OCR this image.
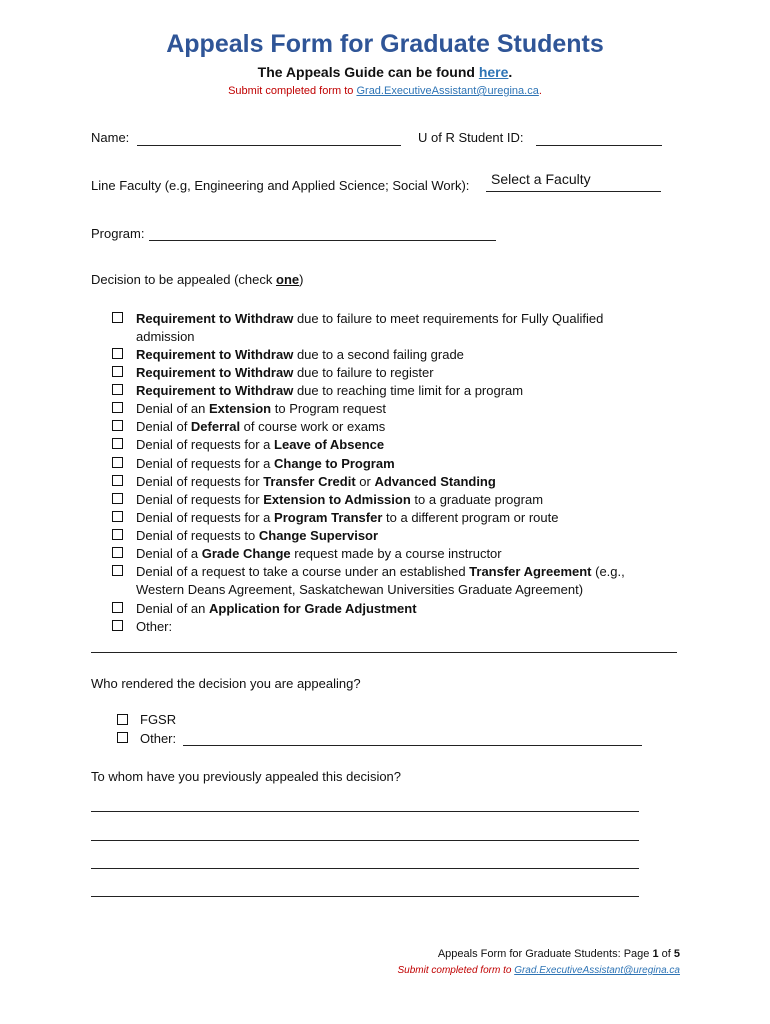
Appeals Form for Graduate Students
The Appeals Guide can be found here.
Submit completed form to Grad.ExecutiveAssistant@uregina.ca.
Name:	U of R Student ID:
Line Faculty (e.g, Engineering and Applied Science; Social Work): Select a Faculty
Program:
Decision to be appealed (check one)
Requirement to Withdraw due to failure to meet requirements for Fully Qualified admission
Requirement to Withdraw due to a second failing grade
Requirement to Withdraw due to failure to register
Requirement to Withdraw due to reaching time limit for a program
Denial of an Extension to Program request
Denial of Deferral of course work or exams
Denial of requests for a Leave of Absence
Denial of requests for a Change to Program
Denial of requests for Transfer Credit or Advanced Standing
Denial of requests for Extension to Admission to a graduate program
Denial of requests for a Program Transfer to a different program or route
Denial of requests to Change Supervisor
Denial of a Grade Change request made by a course instructor
Denial of a request to take a course under an established Transfer Agreement (e.g., Western Deans Agreement, Saskatchewan Universities Graduate Agreement)
Denial of an Application for Grade Adjustment
Other:
Who rendered the decision you are appealing?
FGSR
Other:
To whom have you previously appealed this decision?
Appeals Form for Graduate Students: Page 1 of 5
Submit completed form to Grad.ExecutiveAssistant@uregina.ca
